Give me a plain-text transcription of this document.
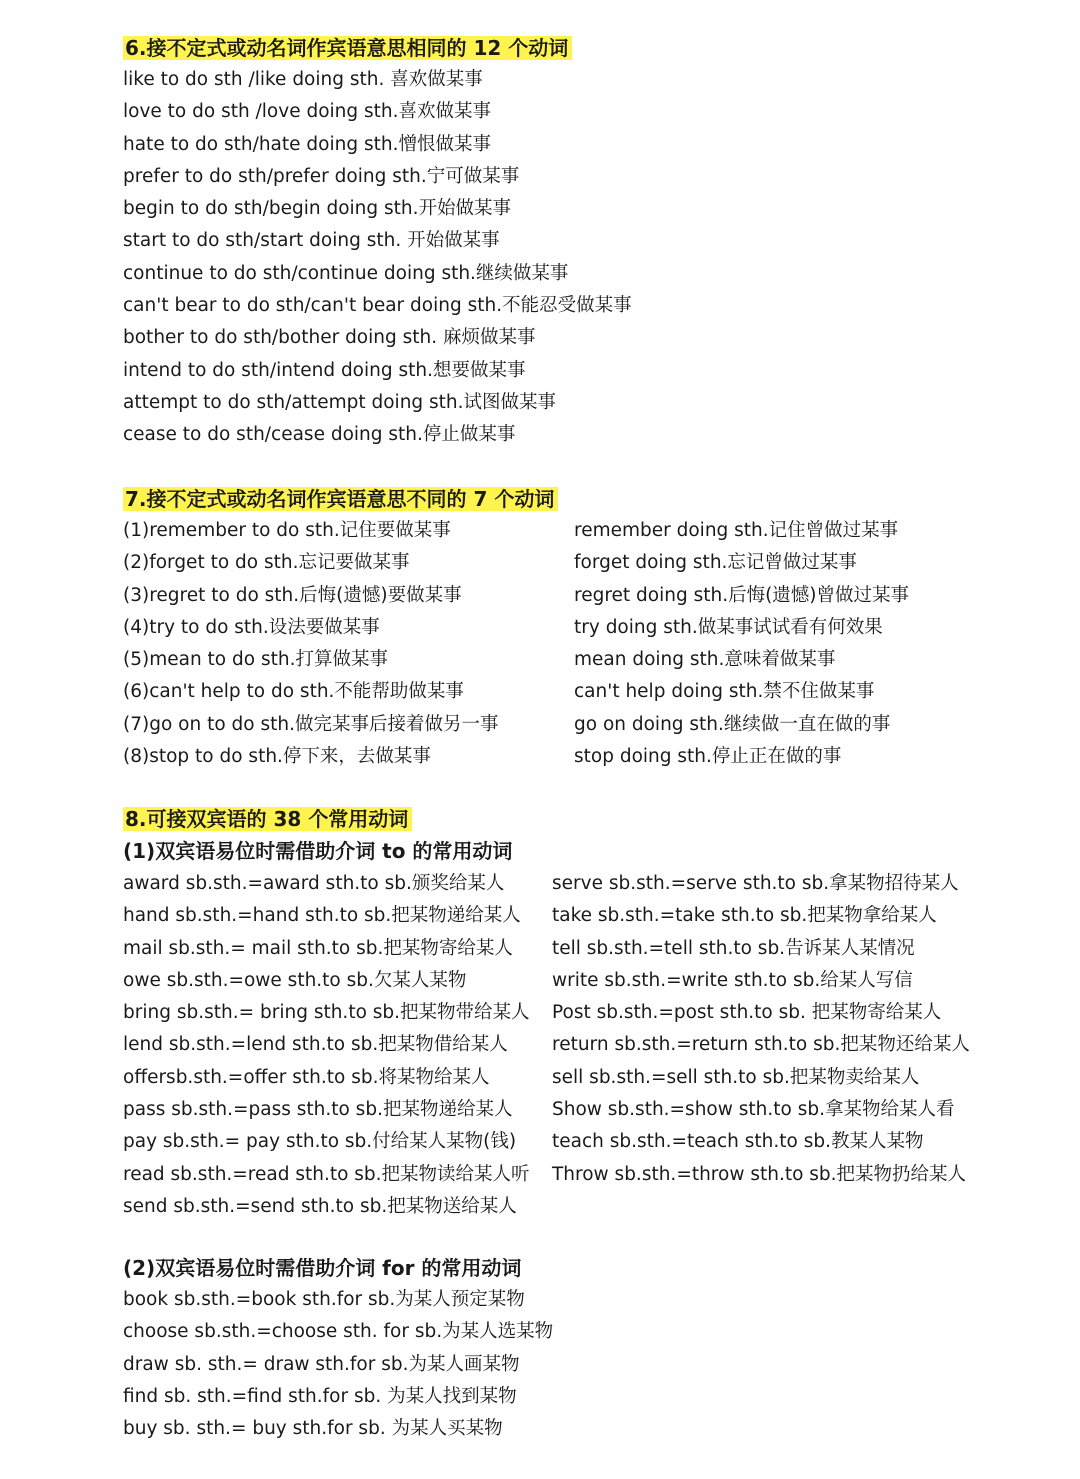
6.接不定式或动名词作宾语意思相同的 12 个动词
like to do sth /like doing sth. 喜欢做某事
love to do sth /love doing sth.喜欢做某事
hate to do sth/hate doing sth.憎恨做某事
prefer to do sth/prefer doing sth.宁可做某事
begin to do sth/begin doing sth.开始做某事
start to do sth/start doing sth. 开始做某事
continue to do sth/continue doing sth.继续做某事
can't bear to do sth/can't bear doing sth.不能忍受做某事
bother to do sth/bother doing sth. 麻烦做某事
intend to do sth/intend doing sth.想要做某事
attempt to do sth/attempt doing sth.试图做某事
cease to do sth/cease doing sth.停止做某事
7.接不定式或动名词作宾语意思不同的 7 个动词
(1)remember to do sth.记住要做某事
(2)forget to do sth.忘记要做某事
(3)regret to do sth.后悔(遗憾)要做某事
(4)try to do sth.设法要做某事
(5)mean to do sth.打算做某事
(6)can't help to do sth.不能帮助做某事
(7)go on to do sth.做完某事后接着做另一事
(8)stop to do sth.停下来，去做某事
remember doing sth.记住曾做过某事
forget doing sth.忘记曾做过某事
regret doing sth.后悔(遗憾)曾做过某事
try doing sth.做某事试试看有何效果
mean doing sth.意味着做某事
can't help doing sth.禁不住做某事
go on doing sth.继续做一直在做的事
stop doing sth.停止正在做的事
8.可接双宾语的 38 个常用动词
(1)双宾语易位时需借助介词 to 的常用动词
award sb.sth.=award sth.to sb.颁奖给某人
hand sb.sth.=hand sth.to sb.把某物递给某人
mail sb.sth.= mail sth.to sb.把某物寄给某人
owe sb.sth.=owe sth.to sb.欠某人某物
bring sb.sth.= bring sth.to sb.把某物带给某人
lend sb.sth.=lend sth.to sb.把某物借给某人
offersb.sth.=offer sth.to sb.将某物给某人
pass sb.sth.=pass sth.to sb.把某物递给某人
pay sb.sth.= pay sth.to sb.付给某人某物(钱)
read sb.sth.=read sth.to sb.把某物读给某人听
send sb.sth.=send sth.to sb.把某物送给某人
serve sb.sth.=serve sth.to sb.拿某物招待某人
take sb.sth.=take sth.to sb.把某物拿给某人
tell sb.sth.=tell sth.to sb.告诉某人某情况
write sb.sth.=write sth.to sb.给某人写信
Post sb.sth.=post sth.to sb. 把某物寄给某人
return sb.sth.=return sth.to sb.把某物还给某人
sell sb.sth.=sell sth.to sb.把某物卖给某人
Show sb.sth.=show sth.to sb.拿某物给某人看
teach sb.sth.=teach sth.to sb.教某人某物
Throw sb.sth.=throw sth.to sb.把某物扔给某人
(2)双宾语易位时需借助介词 for 的常用动词
book sb.sth.=book sth.for sb.为某人预定某物
choose sb.sth.=choose sth. for sb.为某人选某物
draw sb. sth.= draw sth.for sb.为某人画某物
find sb. sth.=find sth.for sb. 为某人找到某物
buy sb. sth.= buy sth.for sb. 为某人买某物
